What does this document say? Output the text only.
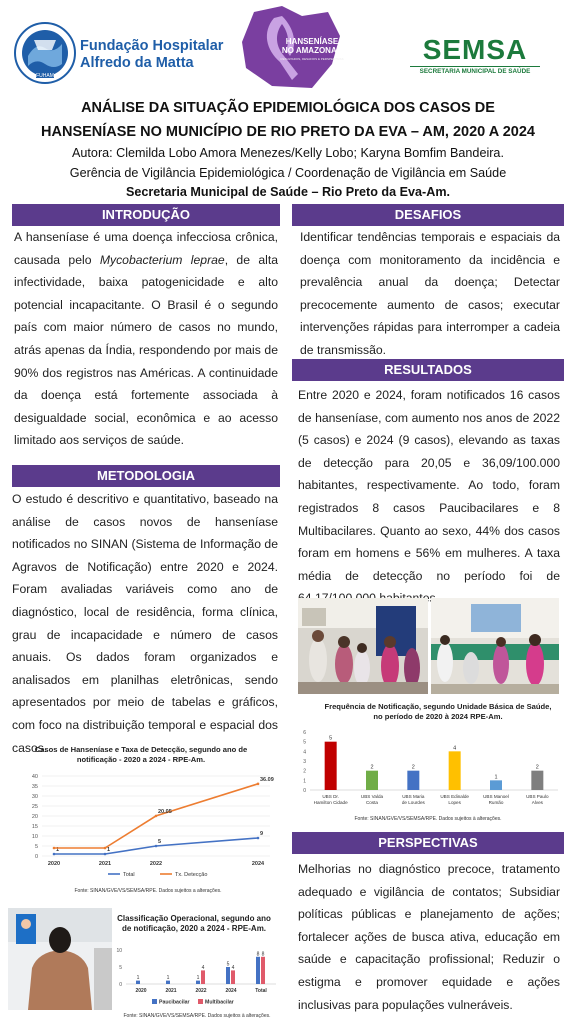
FUHAM
Fundação Hospitalar
Alfredo da Matta
HANSENÍASE
NO AMAZONAS
RESULTADOS, DESAFIOS E PERSPECTIVAS	SEMSA
SECRETARIA MUNICIPAL DE SAÚDE
ANÁLISE DA SITUAÇÃO EPIDEMIOLÓGICA DOS CASOS DE
HANSENÍASE NO MUNICÍPIO DE RIO PRETO DA EVA – AM, 2020 A 2024
Autora: Clemilda Lobo Amora Menezes/Kelly Lobo; Karyna Bomfim Bandeira.
Gerência de Vigilância Epidemiológica / Coordenação de Vigilância em Saúde
Secretaria Municipal de Saúde – Rio Preto da Eva-Am.
INTRODUÇÃO
A hanseníase é uma doença infecciosa crônica, causada pelo Mycobacterium leprae, de alta infectividade, baixa patogenicidade e alto potencial incapacitante. O Brasil é o segundo país com maior número de casos no mundo, atrás apenas da Índia, respondendo por mais de 90% dos registros nas Américas. A continuidade da doença está fortemente associada à desigualdade social, econômica e ao acesso limitado aos serviços de saúde.
METODOLOGIA
O estudo é descritivo e quantitativo, baseado na análise de casos novos de hanseníase notificados no SINAN (Sistema de Informação de Agravos de Notificação) entre 2020 e 2024. Foram avaliadas variáveis como ano de diagnóstico, local de residência, forma clínica, grau de incapacidade e número de casos anuais. Os dados foram organizados e analisados em planilhas eletrônicas, sendo apresentados por meio de tabelas e gráficos, com foco na distribuição temporal e espacial dos casos.
DESAFIOS
Identificar tendências temporais e espaciais da doença com monitoramento da incidência e prevalência anual da doença; Detectar precocemente aumento de casos; executar intervenções rápidas para interromper a cadeia de transmissão.
RESULTADOS
Entre 2020 e 2024, foram notificados 16 casos de hanseníase, com aumento nos anos de 2022 (5 casos) e 2024 (9 casos), elevando as taxas de detecção para 20,05 e 36,09/100.000 habitantes, respectivamente. Ao todo, foram registrados 8 casos Paucibacilares e 8 Multibacilares. Quanto ao sexo, 44% dos casos foram em homens e 56% em mulheres. A taxa média de detecção no período foi de
Frequência de Notificação, segundo Unidade Básica de Saúde, no período de 2020 à 2024 RPE-Am.
0
1
2
3
4
5
6
5
UBS Dr.
Hamilton Cidade
2
UBS Valda
Costa
2
UBS Maria
de Lourdes
4
UBS Edinalde
Lopes
1
UBS Manoel
Rumão
2
UBS Paulo
Alves
Fonte: SINAN/GVE/VS/SEMSA/RPE. Dados sujeitos à alterações.
Casos de Hanseníase e Taxa de Detecção, segundo ano de notificação - 2020 a 2024 - RPE-Am.
0
5
10
15
20
25
30
35
40
2020	2021	2022	2024
1	1
5
9
20.05
36.09
Total	Tx. Detecção
Fonte: SINAN/GVE/VS/SEMSA/RPE. Dados sujeitos a alterações.
Classificação Operacional, segundo ano de notificação, 2020 a 2024 - RPE-Am.
0
5
10
1
2020
1
2021
1
4
2022
5
4
2024
8 8
Total
Paucibacilar	Multibacilar
Fonte: SINAN/GVE/VS/SEMSA/RPE. Dados sujeitos à alterações.
PERSPECTIVAS
Melhorias no diagnóstico precoce, tratamento adequado e vigilância de contatos; Subsidiar políticas públicas e planejamento de ações; fortalecer ações de busca ativa, educação em saúde e capacitação profissional; Reduzir o estigma e promover equidade e ações inclusivas para populações vulneráveis.
